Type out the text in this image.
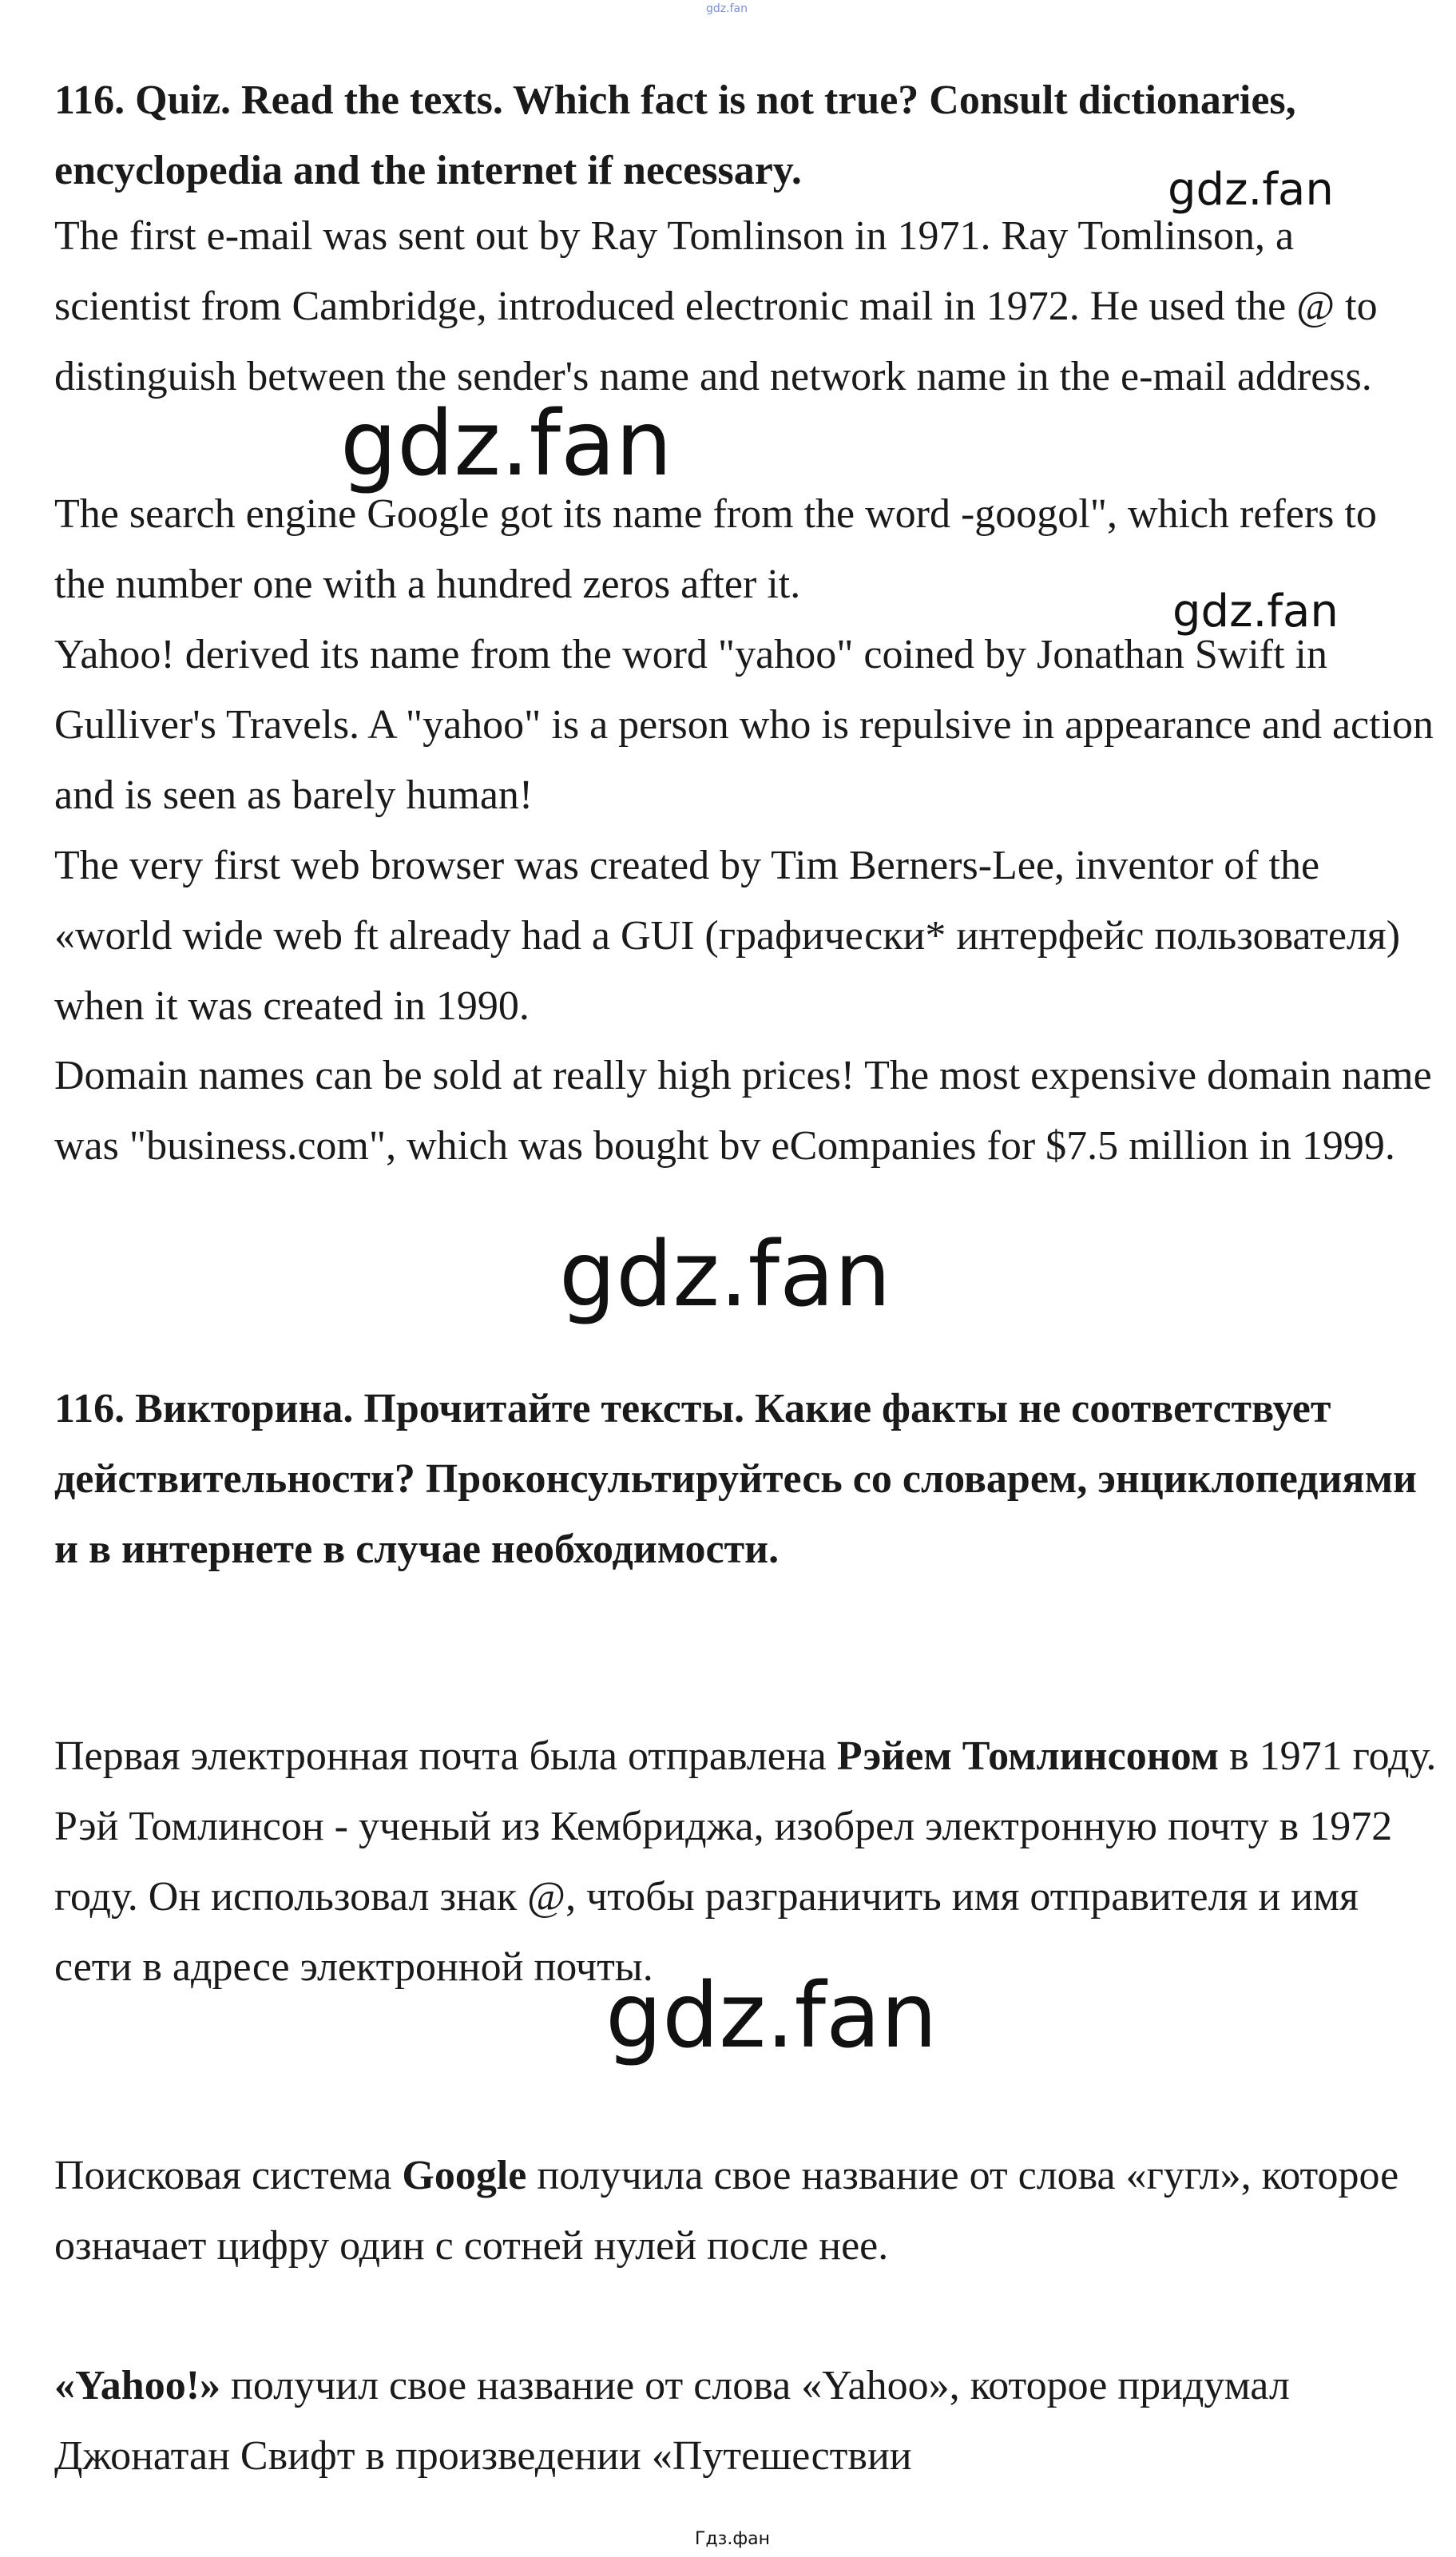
gdz.fan

116. Quiz. Read the texts. Which fact is not true? Consult dictionaries, encyclopedia and the internet if necessary.

The first e-mail was sent out by Ray Tomlinson in 1971. Ray Tomlinson, a scientist from Cambridge, introduced electronic mail in 1972. He used the @ to distinguish between the sender's name and network name in the e-mail address.

The search engine Google got its name from the word -googol", which refers to the number one with a hundred zeros after it.

Yahoo! derived its name from the word "yahoo" coined by Jonathan Swift in Gulliver's Travels. A "yahoo" is a person who is repulsive in appearance and action and is seen as barely human!

The very first web browser was created by Tim Berners-Lee, inventor of the «world wide web ft already had a GUI (графически* интерфейс пользователя) when it was created in 1990.

Domain names can be sold at really high prices! The most expensive domain name was "business.com", which was bought bv eCompanies for $7.5 million in 1999.

116. Викторина. Прочитайте тексты. Какие факты не соответствует действительности? Проконсультируйтесь со словарем, энциклопедиями и в интернете в случае необходимости.

Первая электронная почта была отправлена Рэйем Томлинсоном в 1971 году. Рэй Томлинсон - ученый из Кембриджа, изобрел электронную почту в 1972 году. Он использовал знак @, чтобы разграничить имя отправителя и имя сети в адресе электронной почты.

Поисковая система Google получила свое название от слова «гугл», которое означает цифру один с сотней нулей после нее.

«Yahoo!» получил свое название от слова «Yahoo», которое придумал Джонатан Свифт в произведении «Путешествии

gdz.fan
gdz.fan
gdz.fan
gdz.fan
gdz.fan
Гдз.фан
